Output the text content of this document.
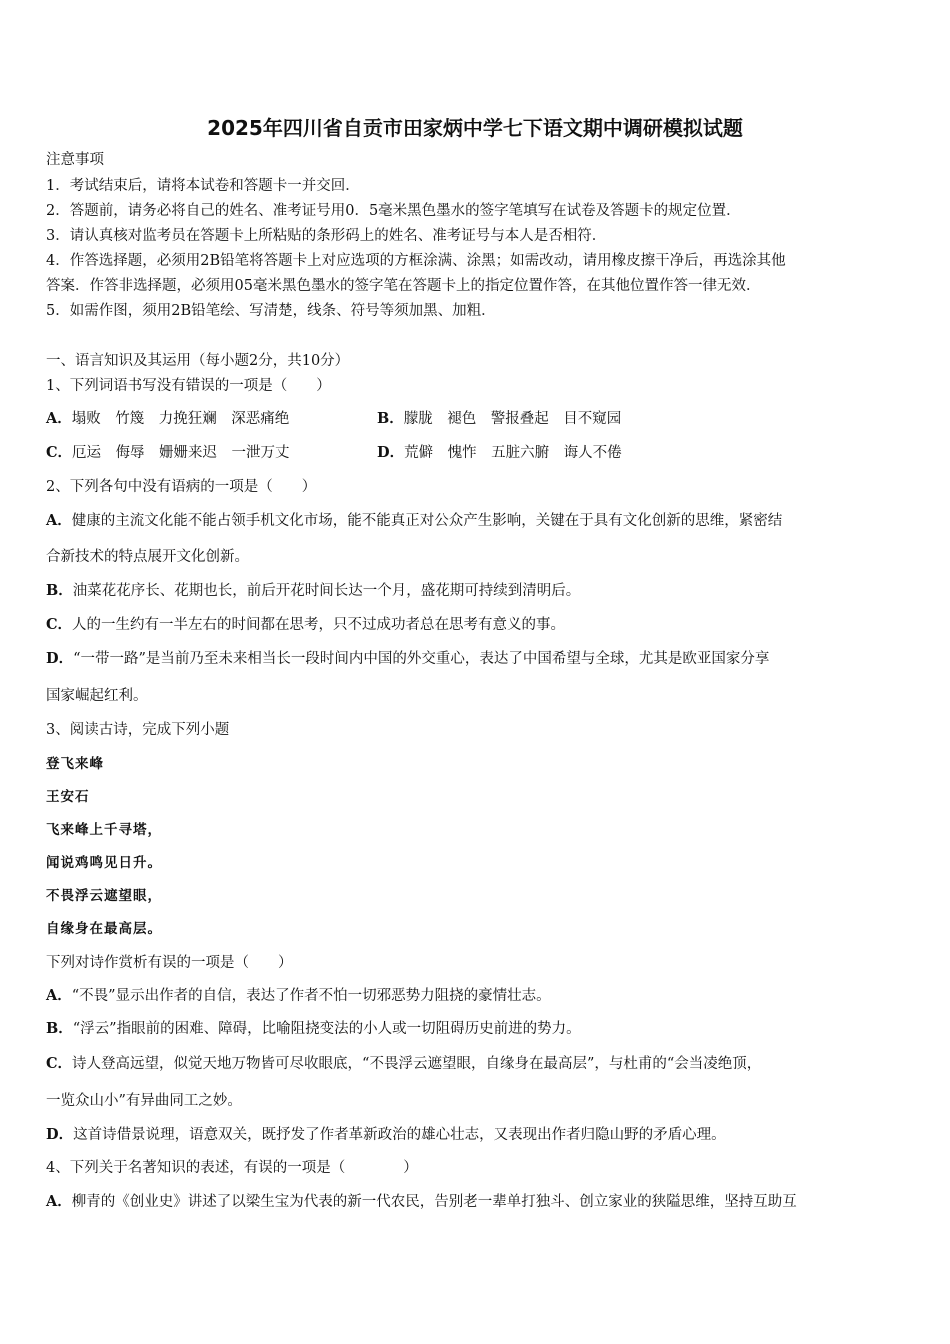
2025年四川省自贡市田家炳中学七下语文期中调研模拟试题
注意事项
1．考试结束后，请将本试卷和答题卡一并交回．
2．答题前，请务必将自己的姓名、准考证号用0．5毫米黑色墨水的签字笔填写在试卷及答题卡的规定位置．
3．请认真核对监考员在答题卡上所粘贴的条形码上的姓名、准考证号与本人是否相符．
4．作答选择题，必须用2B铅笔将答题卡上对应选项的方框涂满、涂黑；如需改动，请用橡皮擦干净后，再选涂其他
答案．作答非选择题，必须用05毫米黑色墨水的签字笔在答题卡上的指定位置作答，在其他位置作答一律无效．
5．如需作图，须用2B铅笔绘、写清楚，线条、符号等须加黑、加粗．
一、语言知识及其运用（每小题2分，共10分）
1、下列词语书写没有错误的一项是（　　）
A．塌败　竹篾　力挽狂斓　深恶痛绝	B．朦胧　褪色　警报叠起　目不窥园
C．厄运　侮辱　姗姗来迟　一泄万丈	D．荒僻　愧怍　五脏六腑　诲人不倦
2、下列各句中没有语病的一项是（　　）
A．健康的主流文化能不能占领手机文化市场，能不能真正对公众产生影响，关键在于具有文化创新的思维，紧密结
合新技术的特点展开文化创新。
B．油菜花花序长、花期也长，前后开花时间长达一个月，盛花期可持续到清明后。
C．人的一生约有一半左右的时间都在思考，只不过成功者总在思考有意义的事。
D．“一带一路”是当前乃至未来相当长一段时间内中国的外交重心，表达了中国希望与全球，尤其是欧亚国家分享
国家崛起红利。
3、阅读古诗，完成下列小题
登飞来峰
王安石
飞来峰上千寻塔，
闻说鸡鸣见日升。
不畏浮云遮望眼，
自缘身在最高层。
下列对诗作赏析有误的一项是（　　）
A．“不畏”显示出作者的自信，表达了作者不怕一切邪恶势力阻挠的豪情壮志。
B．“浮云”指眼前的困难、障碍，比喻阻挠变法的小人或一切阻碍历史前进的势力。
C．诗人登高远望，似觉天地万物皆可尽收眼底，“不畏浮云遮望眼，自缘身在最高层”，与杜甫的“会当凌绝顶，
一览众山小”有异曲同工之妙。
D．这首诗借景说理，语意双关，既抒发了作者革新政治的雄心壮志，又表现出作者归隐山野的矛盾心理。
4、下列关于名著知识的表述，有误的一项是（　　　　）
A．柳青的《创业史》讲述了以梁生宝为代表的新一代农民，告别老一辈单打独斗、创立家业的狭隘思维，坚持互助互
